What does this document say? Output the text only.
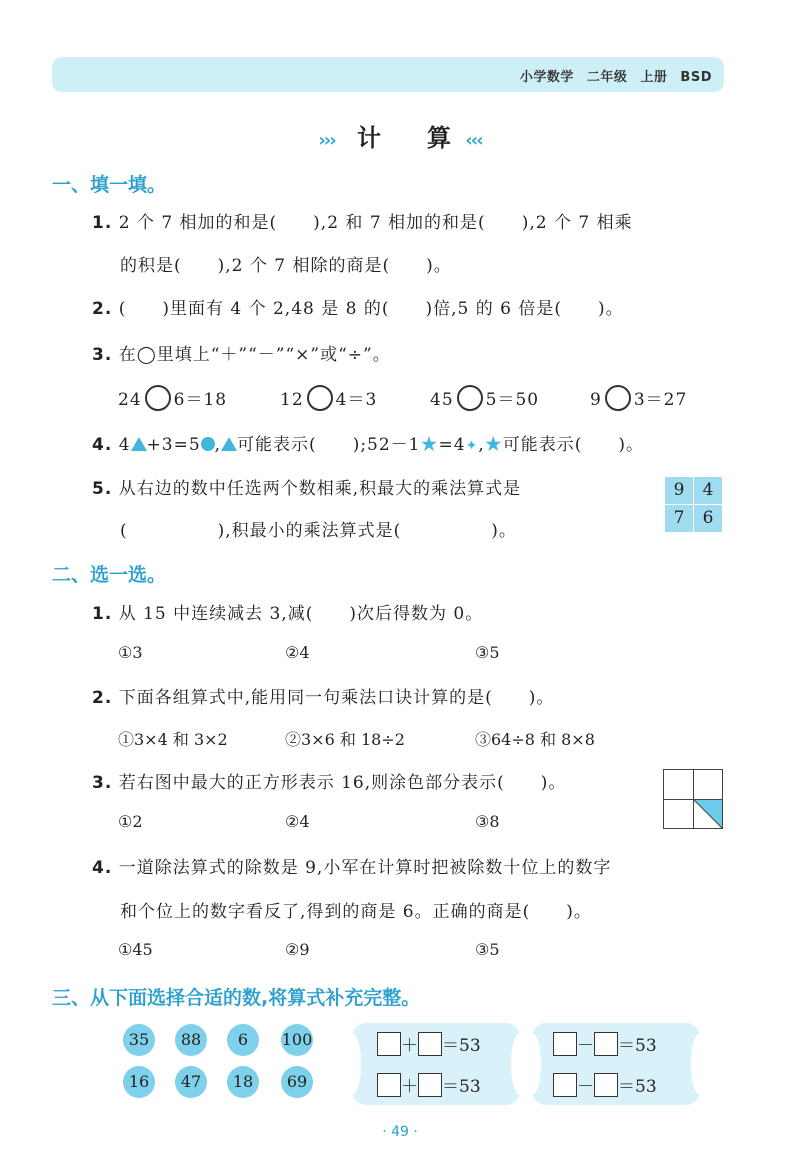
小学数学 二年级 上册 BSD
››› 计 算 ‹‹‹
一、填一填。
1. 2 个 7 相加的和是(　　),2 和 7 相加的和是(　　),2 个 7 相乘
的积是(　　),2 个 7 相除的商是(　　)。
2. (　　)里面有 4 个 2,48 是 8 的(　　)倍,5 的 6 倍是(　　)。
3. 在◯里填上“＋”“－”“×”或“÷”。
24 6＝18	12 4＝3	45 5＝50	9 3＝27
4. 4 +3=5 , 可能表示(　　);52－1★=4✦,★可能表示(　　)。
5. 从右边的数中任选两个数相乘,积最大的乘法算式是
(　　　　　),积最小的乘法算式是(　　　　　)。
9	4
7	6
二、选一选。
1. 从 15 中连续减去 3,减(　　)次后得数为 0。
①3	②4	③5
2. 下面各组算式中,能用同一句乘法口诀计算的是(　　)。
①3×4 和 3×2	②3×6 和 18÷2	③64÷8 和 8×8
3. 若右图中最大的正方形表示 16,则涂色部分表示(　　)。
①2	②4	③8
4. 一道除法算式的除数是 9,小军在计算时把被除数十位上的数字
和个位上的数字看反了,得到的商是 6。正确的商是(　　)。
①45	②9	③5
三、从下面选择合适的数,将算式补充完整。
35	88	6	100
16	47	18	69
＋ ＝53
＋ ＝53
－ ＝53
－ ＝53
· 49 ·
